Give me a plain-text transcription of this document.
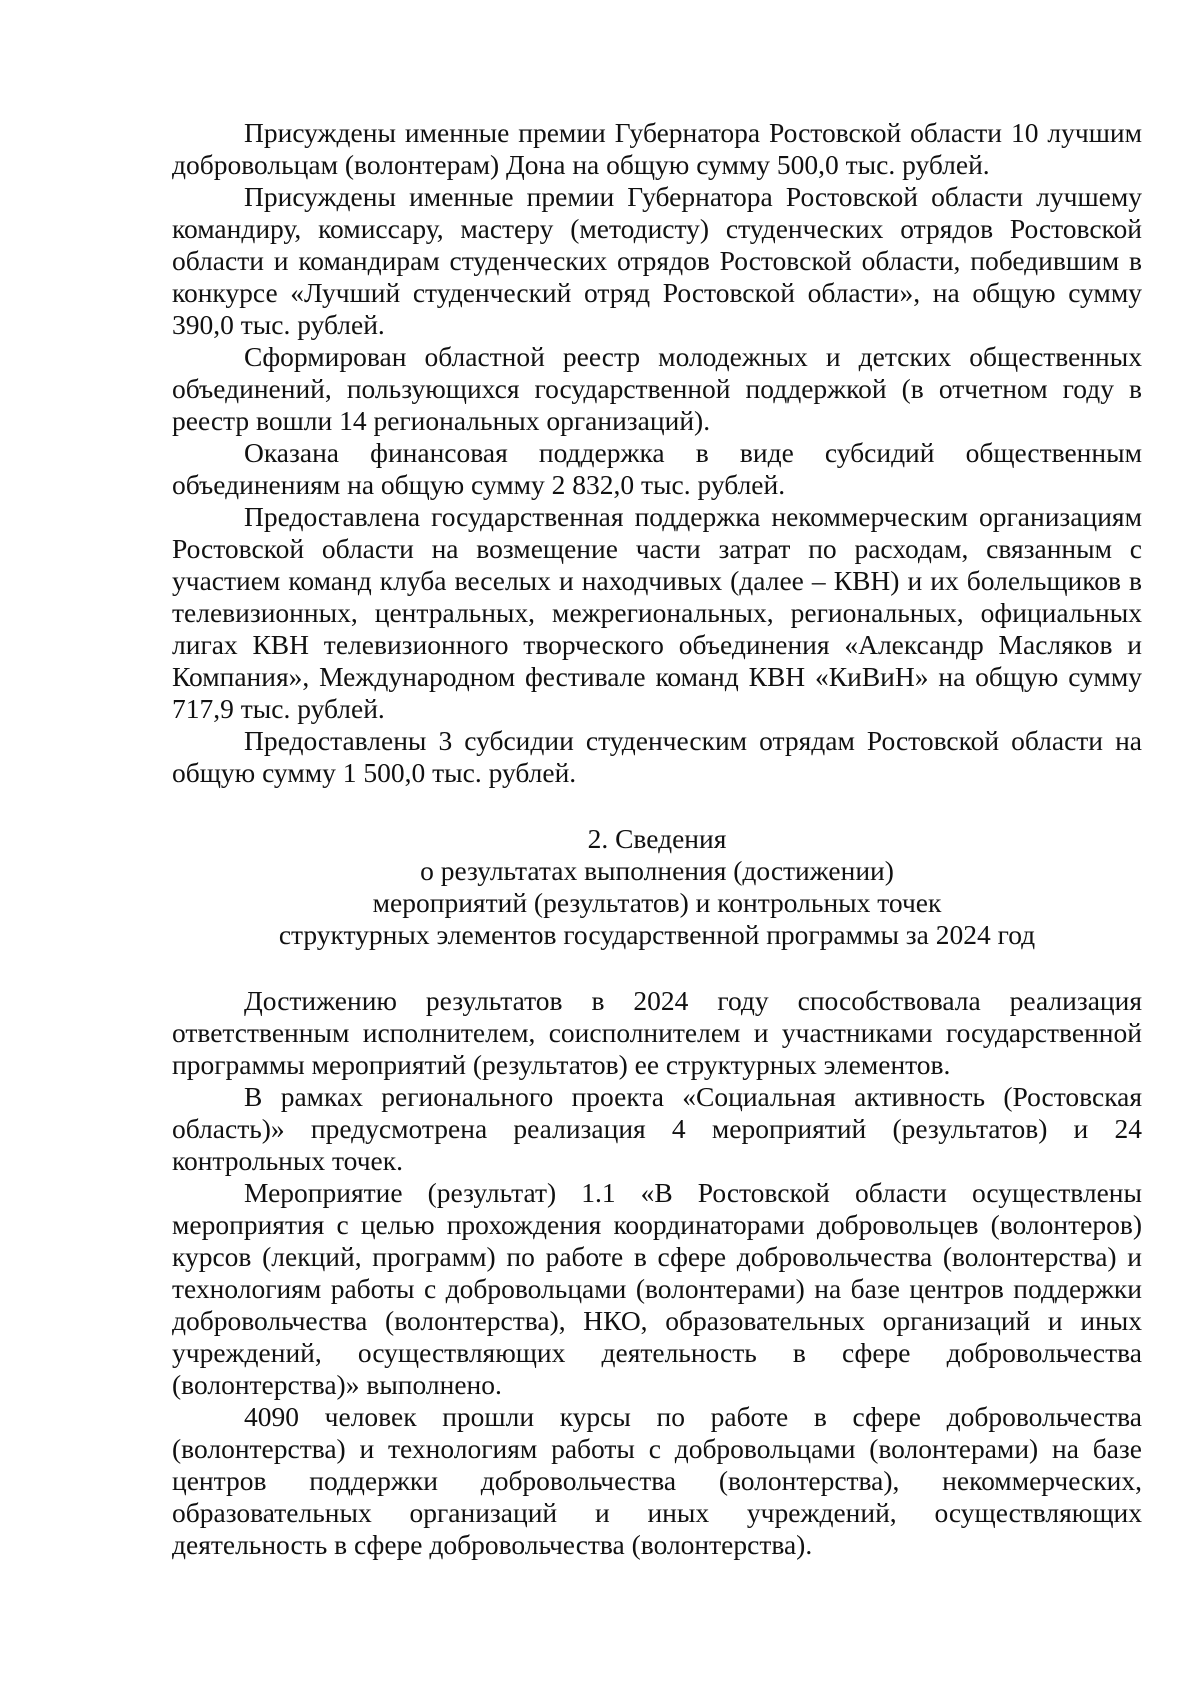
Присуждены именные премии Губернатора Ростовской области 10 лучшим добровольцам (волонтерам) Дона на общую сумму 500,0 тыс. рублей.

Присуждены именные премии Губернатора Ростовской области лучшему командиру, комиссару, мастеру (методисту) студенческих отрядов Ростовской области и командирам студенческих отрядов Ростовской области, победившим в конкурсе «Лучший студенческий отряд Ростовской области», на общую сумму 390,0 тыс. рублей.

Сформирован областной реестр молодежных и детских общественных объединений, пользующихся государственной поддержкой (в отчетном году в реестр вошли 14 региональных организаций).

Оказана финансовая поддержка в виде субсидий общественным объединениям на общую сумму 2 832,0 тыс. рублей.

Предоставлена государственная поддержка некоммерческим организациям Ростовской области на возмещение части затрат по расходам, связанным с участием команд клуба веселых и находчивых (далее – КВН) и их болельщиков в телевизионных, центральных, межрегиональных, региональных, официальных лигах КВН телевизионного творческого объединения «Александр Масляков и Компания», Международном фестивале команд КВН «КиВиН» на общую сумму 717,9 тыс. рублей.

Предоставлены 3 субсидии студенческим отрядам Ростовской области на общую сумму 1 500,0 тыс. рублей.

2. Сведения
о результатах выполнения (достижении)
мероприятий (результатов) и контрольных точек
структурных элементов государственной программы за 2024 год

Достижению результатов в 2024 году способствовала реализация ответственным исполнителем, соисполнителем и участниками государственной программы мероприятий (результатов) ее структурных элементов.

В рамках регионального проекта «Социальная активность (Ростовская область)» предусмотрена реализация 4 мероприятий (результатов) и 24 контрольных точек.

Мероприятие (результат) 1.1 «В Ростовской области осуществлены мероприятия с целью прохождения координаторами добровольцев (волонтеров) курсов (лекций, программ) по работе в сфере добровольчества (волонтерства) и технологиям работы с добровольцами (волонтерами) на базе центров поддержки добровольчества (волонтерства), НКО, образовательных организаций и иных учреждений, осуществляющих деятельность в сфере добровольчества (волонтерства)» выполнено.

4090 человек прошли курсы по работе в сфере добровольчества (волонтерства) и технологиям работы с добровольцами (волонтерами) на базе центров поддержки добровольчества (волонтерства), некоммерческих, образовательных организаций и иных учреждений, осуществляющих деятельность в сфере добровольчества (волонтерства).
